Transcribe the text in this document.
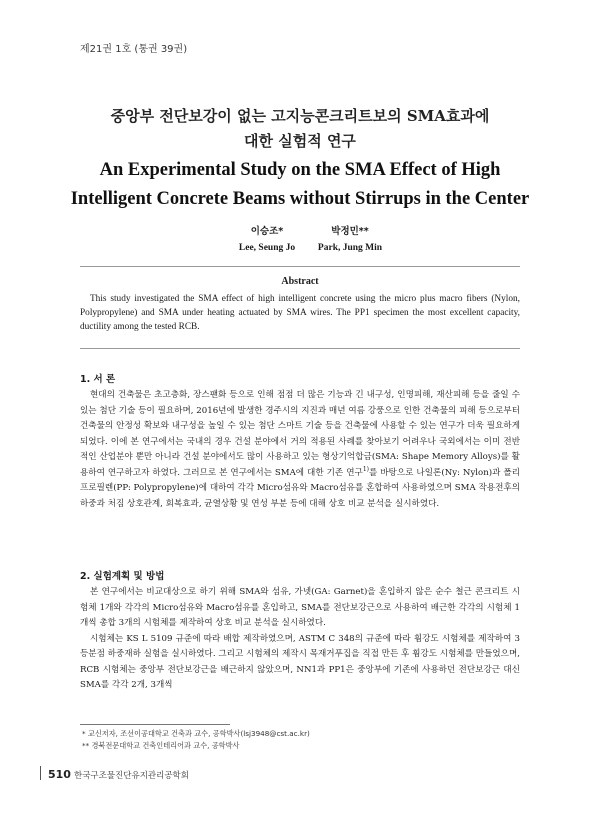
제21권 1호 (통권 39권)
중앙부 전단보강이 없는 고지능콘크리트보의 SMA효과에
대한 실험적 연구
An Experimental Study on the SMA Effect of High
Intelligent Concrete Beams without Stirrups in the Center
이승조*
Lee, Seung Jo
박정민**
Park, Jung Min
Abstract
This study investigated the SMA effect of high intelligent concrete using the micro plus macro fibers (Nylon, Polypropylene) and SMA under heating actuated by SMA wires. The PP1 specimen the most excellent capacity, ductility among the tested RCB.
1. 서 론

현대의 건축물은 초고층화, 장스팬화 등으로 인해 점점 더 많은 기능과 긴 내구성, 인명피해, 재산피해 등을 줄일 수 있는 첨단 기술 등이 필요하며, 2016년에 발생한 경주시의 지진과 매년 여름 강풍으로 인한 건축물의 피해 등으로부터 건축물의 안정성 확보와 내구성을 높일 수 있는 첨단 스마트 기술 등을 건축물에 사용할 수 있는 연구가 더욱 필요하게 되었다. 이에 본 연구에서는 국내의 경우 건설 분야에서 거의 적용된 사례를 찾아보기 어려우나 국외에서는 이미 전반적인 산업분야 뿐만 아니라 건설 분야에서도 많이 사용하고 있는 형상기억합금(SMA: Shape Memory Alloys)를 활용하여 연구하고자 하였다. 그러므로 본 연구에서는 SMA에 대한 기존 연구$^{1)}$를 바탕으로 나일론(Ny: Nylon)과 폴리프로필렌(PP: Polypropylene)에 대하여 각각 Micro섬유와 Macro섬유를 혼합하여 사용하였으며 SMA 작용전후의 하중과 처짐 상호관계, 회복효과, 균열상황 및 연성 부분 등에 대해 상호 비교 분석을 실시하였다.

2. 실험계획 및 방법

본 연구에서는 비교대상으로 하기 위해 SMA와 섬유, 가넷(GA: Garnet)을 혼입하지 않은 순수 철근 콘크리트 시험체 1개와 각각의 Micro섬유와 Macro섬유를 혼입하고, SMA를 전단보강근으로 사용하여 배근한 각각의 시험체 1개씩 총합 3개의 시험체를 제작하여 상호 비교 분석을 실시하였다.

시험체는 KS L 5109 규준에 따라 배합 제작하였으며, ASTM C 348의 규준에 따라 휨강도 시험체를 제작하여 3등분점 하중재하 실험을 실시하였다. 그리고 시험체의 제작시 목재거푸집을 직접 만든 후 휨강도 시험체를 만들었으며, RCB 시험체는 중앙부 전단보강근을 배근하지 않았으며, NN1과 PP1은 중앙부에 기존에 사용하던 전단보강근 대신 SMA를 각각 2개, 3개씩

* 교신저자, 조선이공대학교 건축과 교수, 공학박사(lsj3948@cst.ac.kr)
** 경북전문대학교 건축인테리어과 교수, 공학박사
510 한국구조물진단유지관리공학회
